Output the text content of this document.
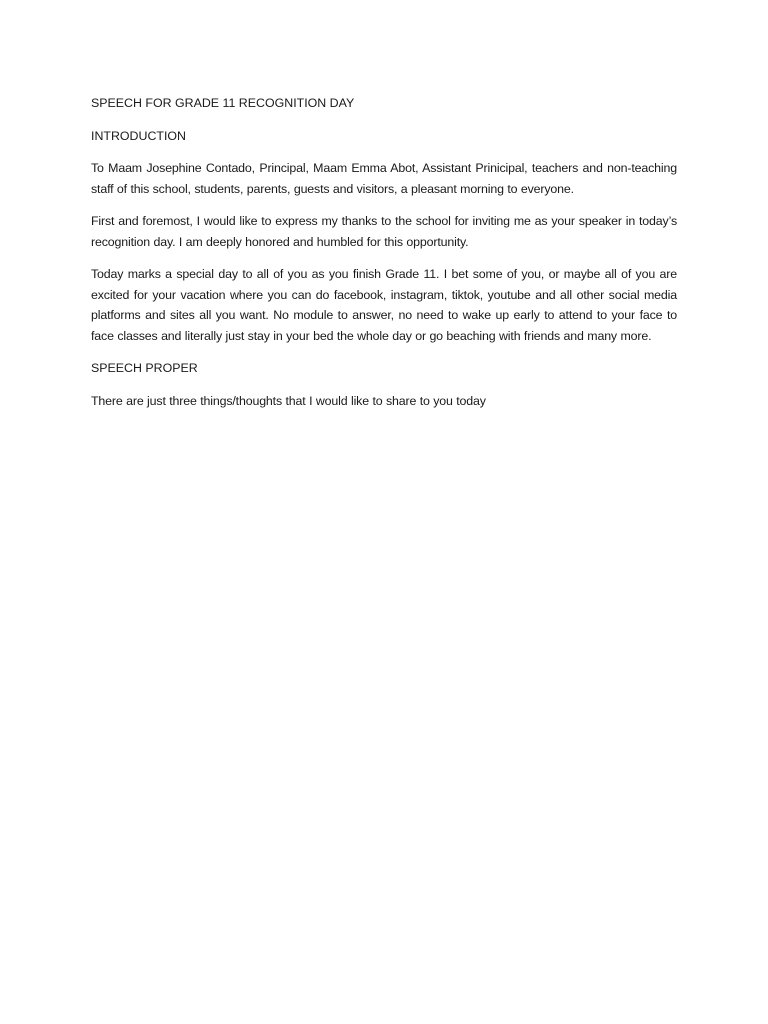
SPEECH FOR GRADE 11 RECOGNITION DAY
INTRODUCTION

To Maam Josephine Contado, Principal, Maam Emma Abot, Assistant Prinicipal, teachers and non-teaching staff of this school, students, parents, guests and visitors, a pleasant morning to everyone.

First and foremost, I would like to express my thanks to the school for inviting me as your speaker in today’s recognition day. I am deeply honored and humbled for this opportunity.

Today marks a special day to all of you as you finish Grade 11. I bet some of you, or maybe all of you are excited for your vacation where you can do facebook, instagram, tiktok, youtube and all other social media platforms and sites all you want. No module to answer, no need to wake up early to attend to your face to face classes and literally just stay in your bed the whole day or go beaching with friends and many more.

SPEECH PROPER

There are just three things/thoughts that I would like to share to you today
